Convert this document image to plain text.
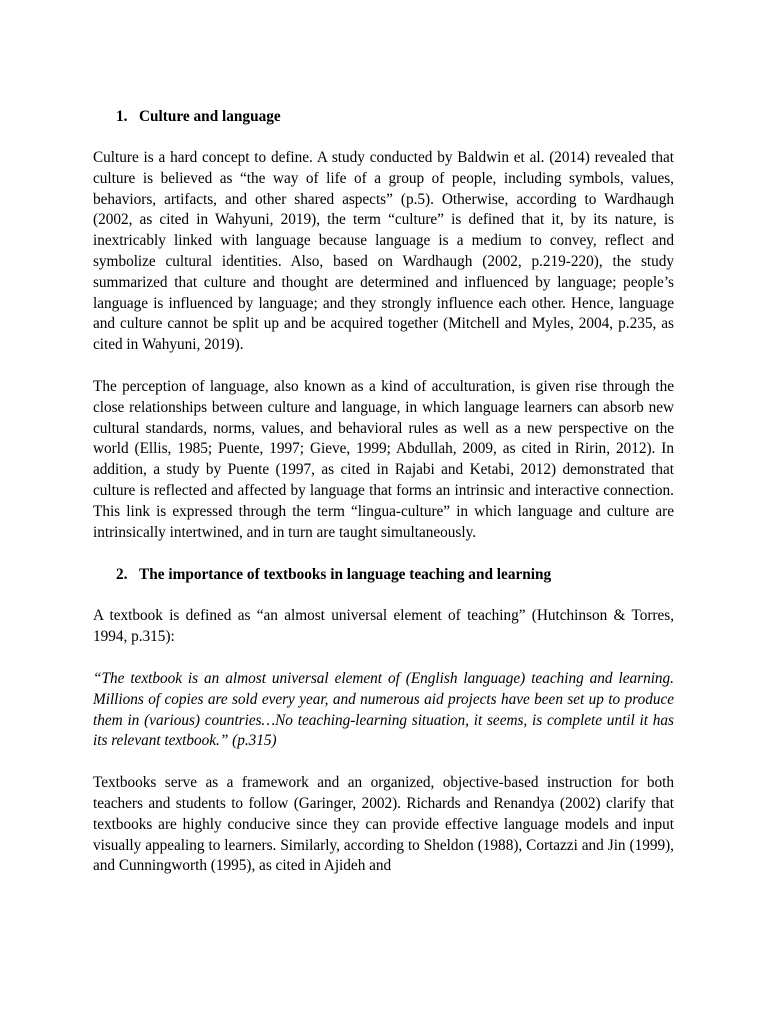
1. Culture and language

Culture is a hard concept to define. A study conducted by Baldwin et al. (2014) revealed that culture is believed as “the way of life of a group of people, including symbols, values, behaviors, artifacts, and other shared aspects” (p.5). Otherwise, according to Wardhaugh (2002, as cited in Wahyuni, 2019), the term “culture” is defined that it, by its nature, is inextricably linked with language because language is a medium to convey, reflect and symbolize cultural identities. Also, based on Wardhaugh (2002, p.219-220), the study summarized that culture and thought are determined and influenced by language; people’s language is influenced by language; and they strongly influence each other. Hence, language and culture cannot be split up and be acquired together (Mitchell and Myles, 2004, p.235, as cited in Wahyuni, 2019).

The perception of language, also known as a kind of acculturation, is given rise through the close relationships between culture and language, in which language learners can absorb new cultural standards, norms, values, and behavioral rules as well as a new perspective on the world (Ellis, 1985; Puente, 1997; Gieve, 1999; Abdullah, 2009, as cited in Ririn, 2012). In addition, a study by Puente (1997, as cited in Rajabi and Ketabi, 2012) demonstrated that culture is reflected and affected by language that forms an intrinsic and interactive connection. This link is expressed through the term “lingua-culture” in which language and culture are intrinsically intertwined, and in turn are taught simultaneously.

2. The importance of textbooks in language teaching and learning

A textbook is defined as “an almost universal element of teaching” (Hutchinson & Torres, 1994, p.315):

“The textbook is an almost universal element of (English language) teaching and learning. Millions of copies are sold every year, and numerous aid projects have been set up to produce them in (various) countries…No teaching-learning situation, it seems, is complete until it has its relevant textbook.” (p.315)

Textbooks serve as a framework and an organized, objective-based instruction for both teachers and students to follow (Garinger, 2002). Richards and Renandya (2002) clarify that textbooks are highly conducive since they can provide effective language models and input visually appealing to learners. Similarly, according to Sheldon (1988), Cortazzi and Jin (1999), and Cunningworth (1995), as cited in Ajideh and
